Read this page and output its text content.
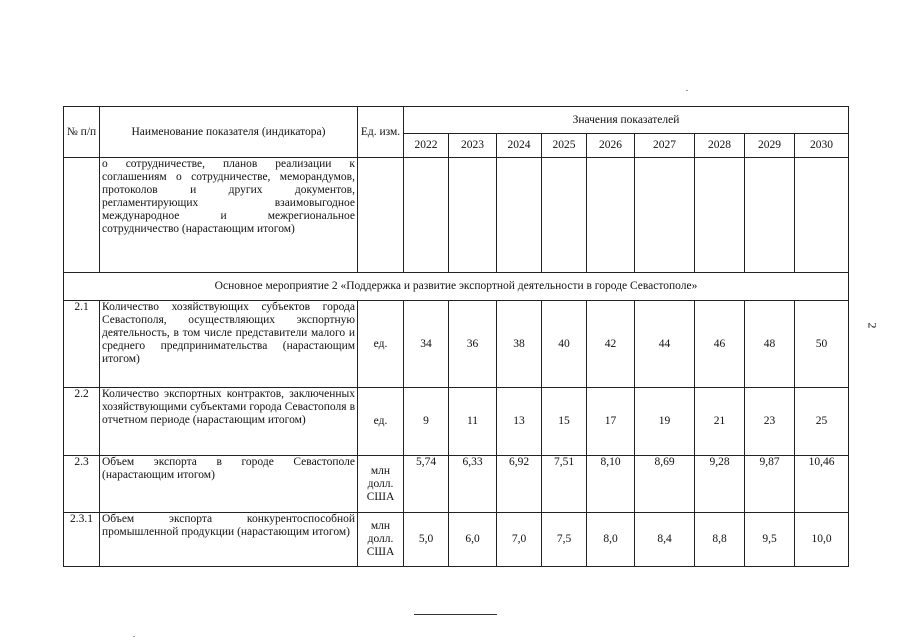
№ п/п	Наименование показателя (индикатора)	Ед. изм.	Значения показателей								
			2022	2023	2024	2025	2026	2027	2028	2029	2030
	о сотрудничестве, планов реализации к соглашениям о сотрудничестве, меморандумов, протоколов и других документов, регламентирующих взаимовыгодное международное и межрегиональное сотрудничество (нарастающим итогом)										
Основное мероприятие 2 «Поддержка и развитие экспортной деятельности в городе Севастополе»											
2.1	Количество хозяйствующих субъектов города Севастополя, осуществляющих экспортную деятельность, в том числе представители малого и среднего предпринимательства (нарастающим итогом)	ед.	34	36	38	40	42	44	46	48	50
2.2	Количество экспортных контрактов, заключенных хозяйствующими субъектами города Севастополя в отчетном периоде (нарастающим итогом)	ед.	9	11	13	15	17	19	21	23	25
2.3	Объем экспорта в городе Севастополе (нарастающим итогом)	млн долл. США	5,74	6,33	6,92	7,51	8,10	8,69	9,28	9,87	10,46
2.3.1	Объем экспорта конкурентоспособной промышленной продукции (нарастающим итогом)	млн долл. США	5,0	6,0	7,0	7,5	8,0	8,4	8,8	9,5	10,0
2
